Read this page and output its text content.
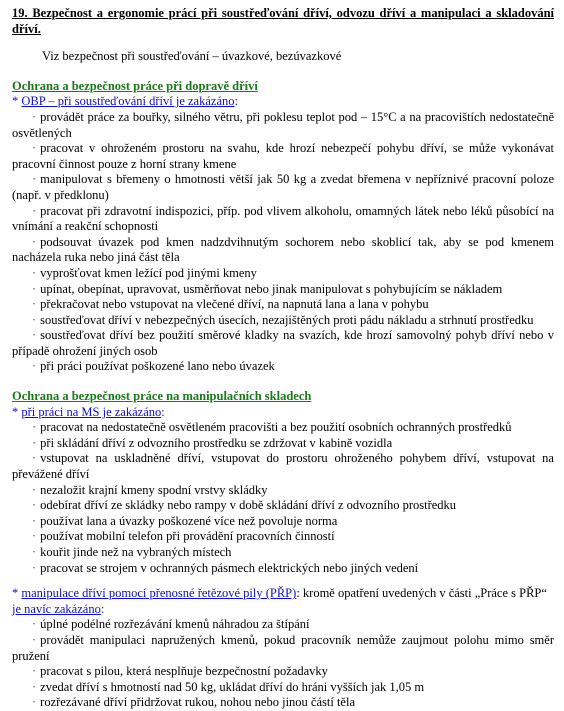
19. Bezpečnost a ergonomie prácí při soustřeďování dříví, odvozu dříví a manipulaci a skladování dříví.

Viz bezpečnost při soustřeďování – úvazkové, bezúvazkové
Ochrana a bezpečnost práce při dopravě dříví
* OBP – při soustřeďování dříví je zakázáno:
· provádět práce za bouřky, silného větru, při poklesu teplot pod – 15°C a na pracovištích nedostatečně osvětlených
· pracovat v ohroženém prostoru na svahu, kde hrozí nebezpečí pohybu dříví, se může vykonávat pracovní činnost pouze z horní strany kmene
· manipulovat s břemeny o hmotnosti větší jak 50 kg a zvedat břemena v nepříznivé pracovní poloze (např. v předklonu)
· pracovat při zdravotní indispozici, příp. pod vlivem alkoholu, omamných látek nebo léků působící na vnímání a reakční schopnosti
· podsouvat úvazek pod kmen nadzdvihnutým sochorem nebo skoblicí tak, aby se pod kmenem nacházela ruka nebo jiná část těla
· vyprošťovat kmen ležící pod jinými kmeny
· upínat, obepínat, upravovat, usměrňovat nebo jinak manipulovat s pohybujícím se nákladem
· překračovat nebo vstupovat na vlečené dříví, na napnutá lana a lana v pohybu
· soustřeďovat dříví v nebezpečných úsecích, nezajištěných proti pádu nákladu a strhnutí prostředku
· soustřeďovat dříví bez použití směrové kladky na svazích, kde hrozí samovolný pohyb dříví nebo v případě ohrožení jiných osob
· při práci používat poškozené lano nebo úvazek
Ochrana a bezpečnost práce na manipulačních skladech
* při práci na MS je zakázáno:
· pracovat na nedostatečně osvětleném pracovišti a bez použití osobních ochranných prostředků
· při skládání dříví z odvozního prostředku se zdržovat v kabině vozidla
· vstupovat na uskladněné dříví, vstupovat do prostoru ohroženého pohybem dříví, vstupovat na převážené dříví
· nezaložit krajní kmeny spodní vrstvy skládky
· odebírat dříví ze skládky nebo rampy v době skládání dříví z odvozního prostředku
· používat lana a úvazky poškozené více než povoluje norma
· používat mobilní telefon při provádění pracovních činností
· kouřit jinde než na vybraných místech
· pracovat se strojem v ochranných pásmech elektrických nebo jiných vedení
* manipulace dříví pomocí přenosné řetězové pily (PŘP): kromě opatření uvedených v části „Práce s PŘP“
je navíc zakázáno:
· úplné podélné rozřezávání kmenů náhradou za štípání
· provádět manipulaci napružených kmenů, pokud pracovník nemůže zaujmout polohu mimo směr pružení
· pracovat s pilou, která nesplňuje bezpečnostní požadavky
· zvedat dříví s hmotností nad 50 kg, ukládat dříví do hráni vyšších jak 1,05 m
· rozřezávané dříví přidržovat rukou, nohou nebo jinou částí těla
